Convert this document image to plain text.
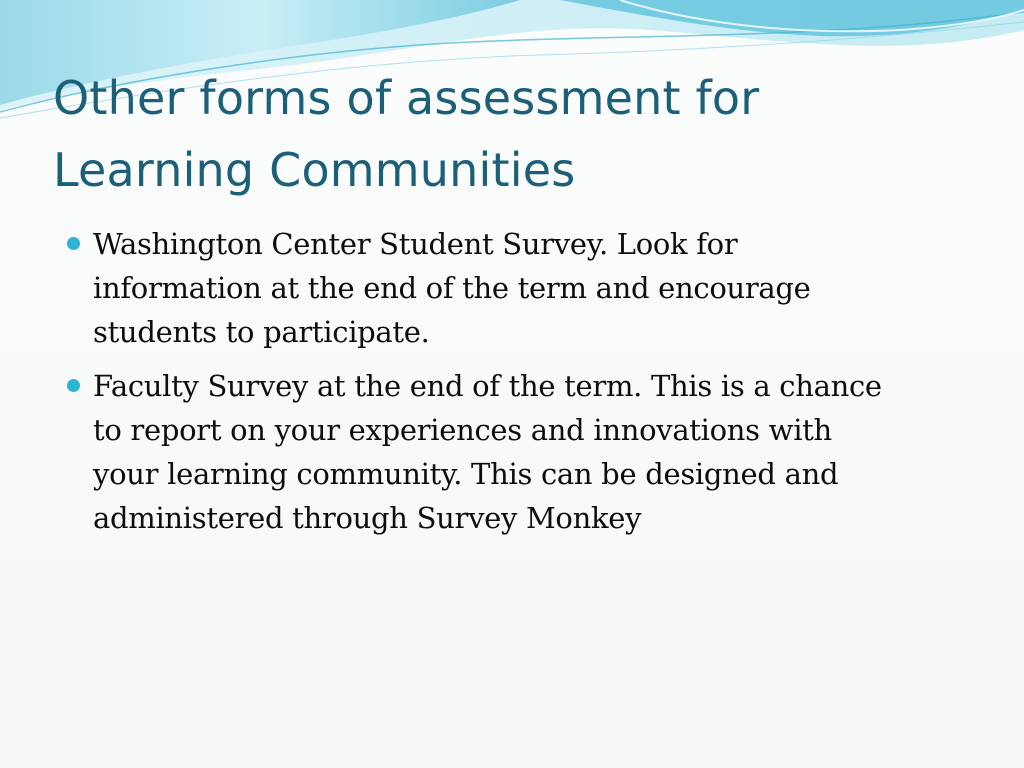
Other forms of assessment for
Learning Communities
Washington Center Student Survey. Look for
information at the end of the term and encourage
students to participate.
Faculty Survey at the end of the term. This is a chance
to report on your experiences and innovations with
your learning community. This can be designed and
administered through Survey Monkey
